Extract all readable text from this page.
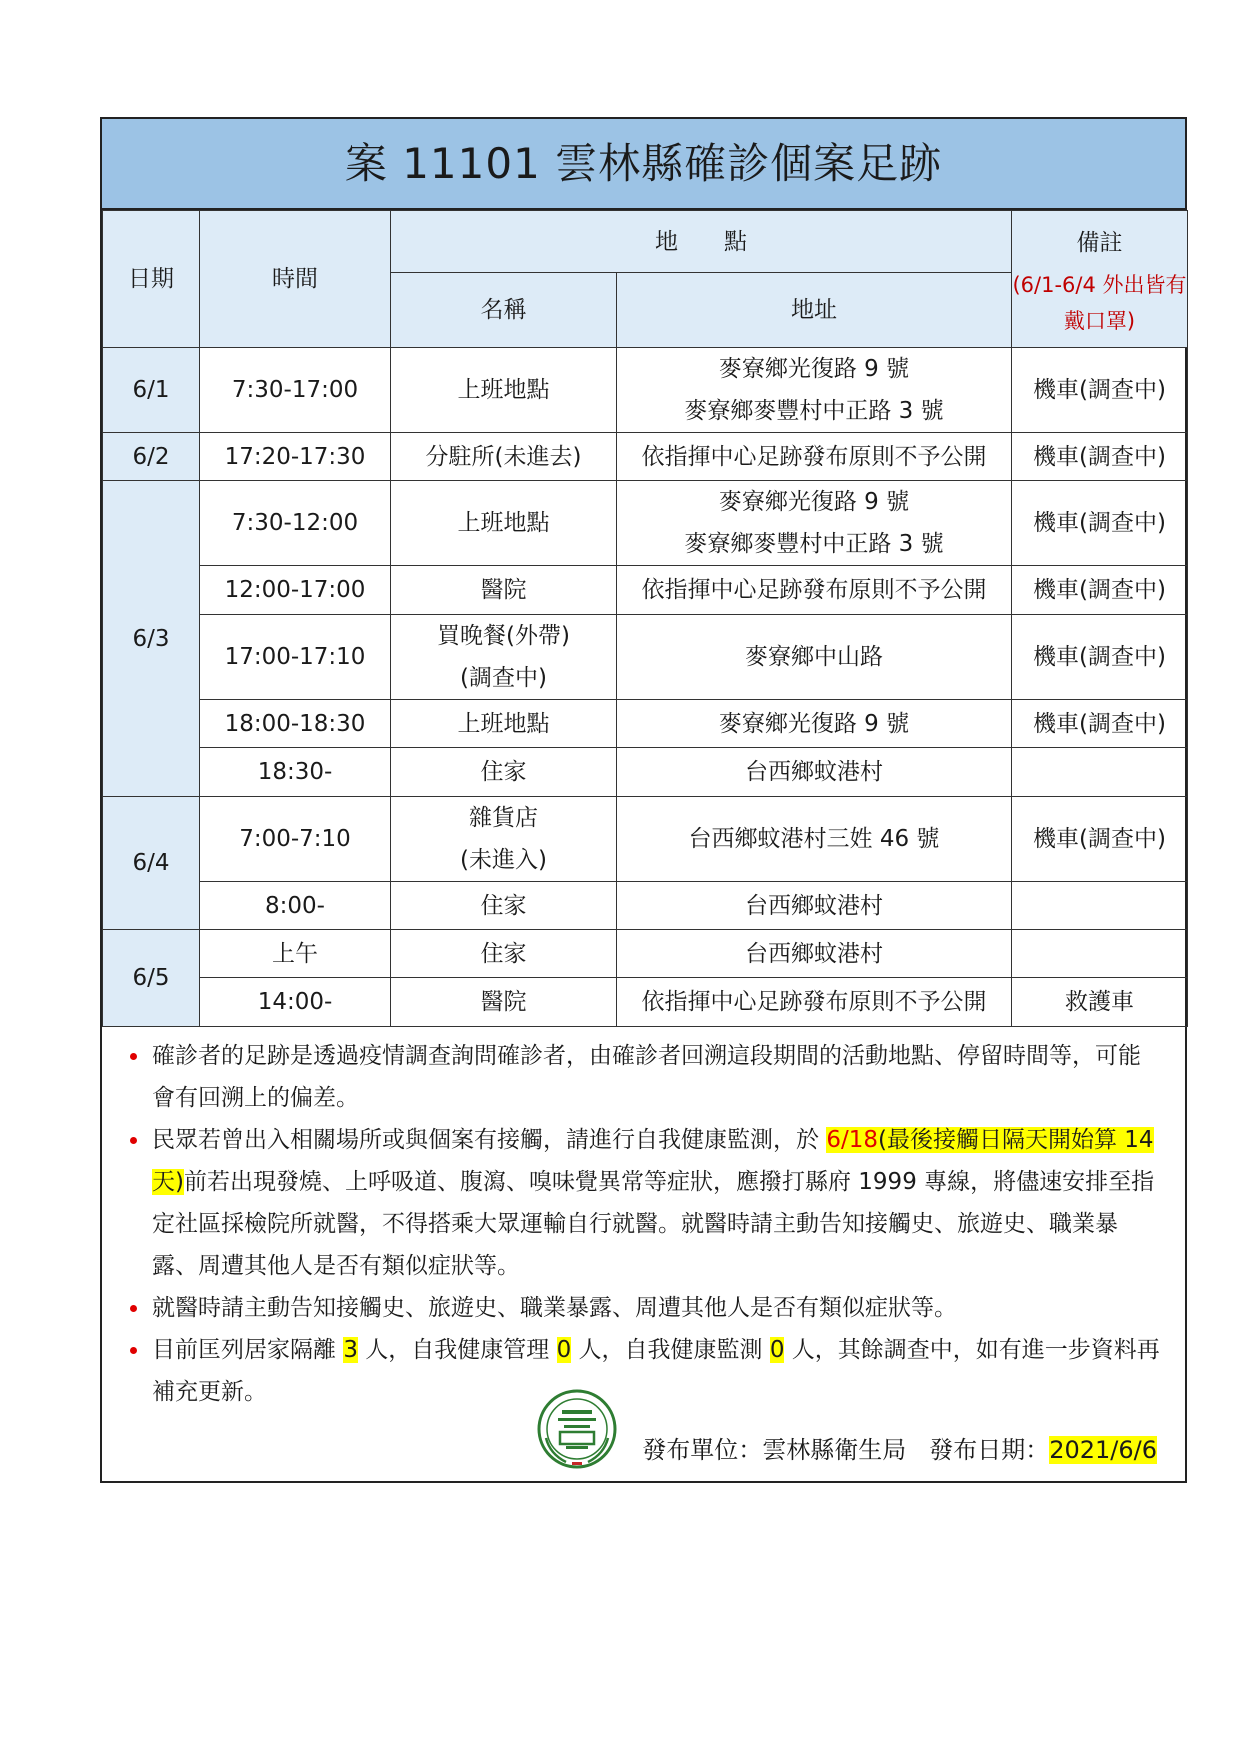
案 11101 雲林縣確診個案足跡
日期	時間	地　　點		備註
(6/1-6/4 外出皆有戴口罩)

		名稱	地址	
6/1	7:30-17:00	上班地點	麥寮鄉光復路 9 號
麥寮鄉麥豐村中正路 3 號	機車(調查中)
6/2	17:20-17:30	分駐所(未進去)	依指揮中心足跡發布原則不予公開	機車(調查中)
6/3	7:30-12:00	上班地點	麥寮鄉光復路 9 號
麥寮鄉麥豐村中正路 3 號	機車(調查中)
	12:00-17:00	醫院	依指揮中心足跡發布原則不予公開	機車(調查中)
	17:00-17:10	買晚餐(外帶)
(調查中)	麥寮鄉中山路	機車(調查中)
	18:00-18:30	上班地點	麥寮鄉光復路 9 號	機車(調查中)
	18:30-	住家	台西鄉蚊港村	
6/4	7:00-7:10	雜貨店
(未進入)	台西鄉蚊港村三姓 46 號	機車(調查中)
	8:00-	住家	台西鄉蚊港村	
6/5	上午	住家	台西鄉蚊港村	
	14:00-	醫院	依指揮中心足跡發布原則不予公開	救護車
確診者的足跡是透過疫情調查詢問確診者，由確診者回溯這段期間的活動地點、停留時間等，可能會有回溯上的偏差。
民眾若曾出入相關場所或與個案有接觸，請進行自我健康監測，於 6/18(最後接觸日隔天開始算 14 天)前若出現發燒、上呼吸道、腹瀉、嗅味覺異常等症狀，應撥打縣府 1999 專線，將儘速安排至指定社區採檢院所就醫，不得搭乘大眾運輸自行就醫。就醫時請主動告知接觸史、旅遊史、職業暴露、周遭其他人是否有類似症狀等。
就醫時請主動告知接觸史、旅遊史、職業暴露、周遭其他人是否有類似症狀等。
目前匡列居家隔離 3 人，自我健康管理 0 人，自我健康監測 0 人，其餘調查中，如有進一步資料再補充更新。
發布單位：雲林縣衛生局 發布日期：2021/6/6
